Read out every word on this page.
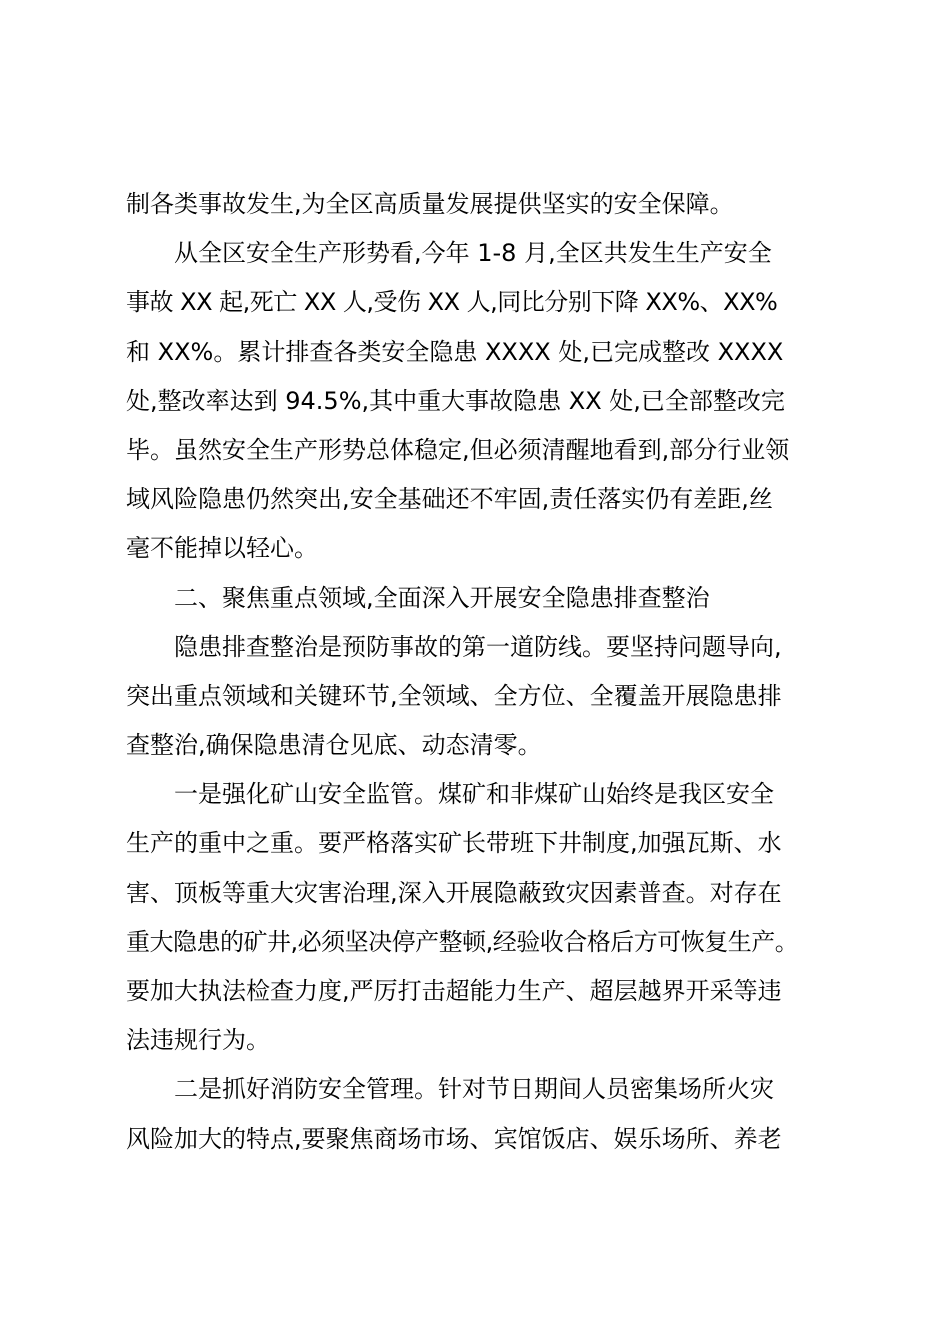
制各类事故发生,为全区高质量发展提供坚实的安全保障。
从全区安全生产形势看,今年 1-8 月,全区共发生生产安全
事故 XX 起,死亡 XX 人,受伤 XX 人,同比分别下降 XX%、XX%
和 XX%。累计排查各类安全隐患 XXXX 处,已完成整改 XXXX
处,整改率达到 94.5%,其中重大事故隐患 XX 处,已全部整改完
毕。虽然安全生产形势总体稳定,但必须清醒地看到,部分行业领
域风险隐患仍然突出,安全基础还不牢固,责任落实仍有差距,丝
毫不能掉以轻心。
二、聚焦重点领域,全面深入开展安全隐患排查整治
隐患排查整治是预防事故的第一道防线。要坚持问题导向,
突出重点领域和关键环节,全领域、全方位、全覆盖开展隐患排
查整治,确保隐患清仓见底、动态清零。
一是强化矿山安全监管。煤矿和非煤矿山始终是我区安全
生产的重中之重。要严格落实矿长带班下井制度,加强瓦斯、水
害、顶板等重大灾害治理,深入开展隐蔽致灾因素普查。对存在
重大隐患的矿井,必须坚决停产整顿,经验收合格后方可恢复生产。
要加大执法检查力度,严厉打击超能力生产、超层越界开采等违
法违规行为。
二是抓好消防安全管理。针对节日期间人员密集场所火灾
风险加大的特点,要聚焦商场市场、宾馆饭店、娱乐场所、养老
